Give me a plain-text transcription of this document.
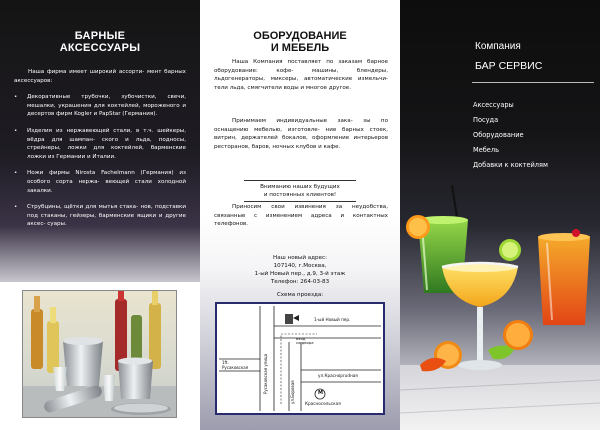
БАРНЫЕ
АКСЕССУАРЫ

Наша фирма имеет широкий ассорти- мент барных аксессуаров:

• Декоративные трубочки, зубочистки, свечи, мешалки, украшения для коктейлей, мороженого и десертов фирм Kogler и PapStar (Германия).
• Изделия из нержавеющей стали, в т.ч. шейкеры, вёдра для шампан- ского и льда, подносы, стрейнеры, ложки для коктейлей, барменские ложки из Германии и Италии.
• Ножи фирмы Nirosta Fachelmann (Германия) из особого сорта нержа- веющей стали холодной закалки.
• Струбцины, щётки для мытья стака- нов, подставки под стаканы, гейзеры, барменские ящики и другие аксес- суары.
ОБОРУДОВАНИЕ
И МЕБЕЛЬ

Наша Компания поставляет по заказам барное оборудование: кофе- машины, блендеры, льдогенераторы, миксеры, автоматические измельчи- тели льда, смягчители воды и многое другое.

Принимаем индивидуальные зака- зы по оснащению мебелью, изготовле- ние барных стоек, витрин, держателей бокалов, оформление интерьеров ресторанов, баров, ночных клубов и кафе.

Вниманию наших будущих
и постоянных клиентов!

Приносим свои извинения за неудобства, связанные с изменением адреса и контактных телефонов.

Наш новый адрес:
107140, г.Москва,
1-ый Новый пер., д.9, 3-й этаж
Телефон: 264-03-83
Схема проезда:
1-ый Новый пер.
вход
со двора
1ft.
Русаковская	Русаковская улица	ул.Боровая
ул.Красноprudная
М
Красносельская
Компания
БАР СЕРВИС
Аксессуары
Посуда
Оборудование
Мебель
Добавки к коктейлям
